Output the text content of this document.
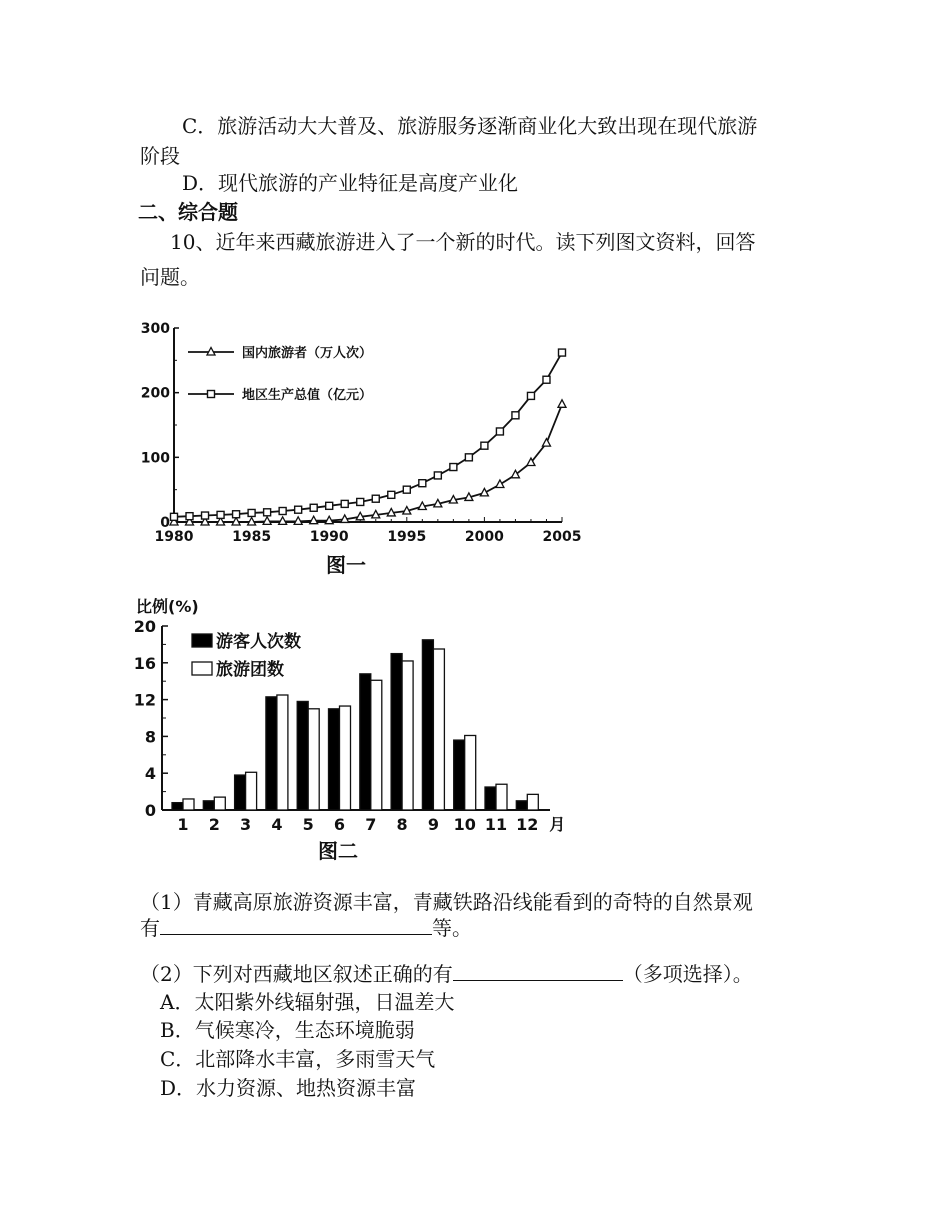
C．旅游活动大大普及、旅游服务逐渐商业化大致出现在现代旅游
阶段
D．现代旅游的产业特征是高度产业化
二、综合题
10、近年来西藏旅游进入了一个新的时代。读下列图文资料，回答
问题。
0
100
200
300
1980	1985	1990	1995	2000	2005
国内旅游者（万人次）
地区生产总值（亿元）
图一
比例(%)
0
4
8
12
16
20
1 2 3 4 5 6 7 8 9 10 11 12 月
游客人次数
旅游团数
图二
（1）青藏高原旅游资源丰富，青藏铁路沿线能看到的奇特的自然景观
有	等。
（2）下列对西藏地区叙述正确的有	（多项选择）。
A．太阳紫外线辐射强，日温差大
B．气候寒冷，生态环境脆弱
C．北部降水丰富，多雨雪天气
D．水力资源、地热资源丰富
